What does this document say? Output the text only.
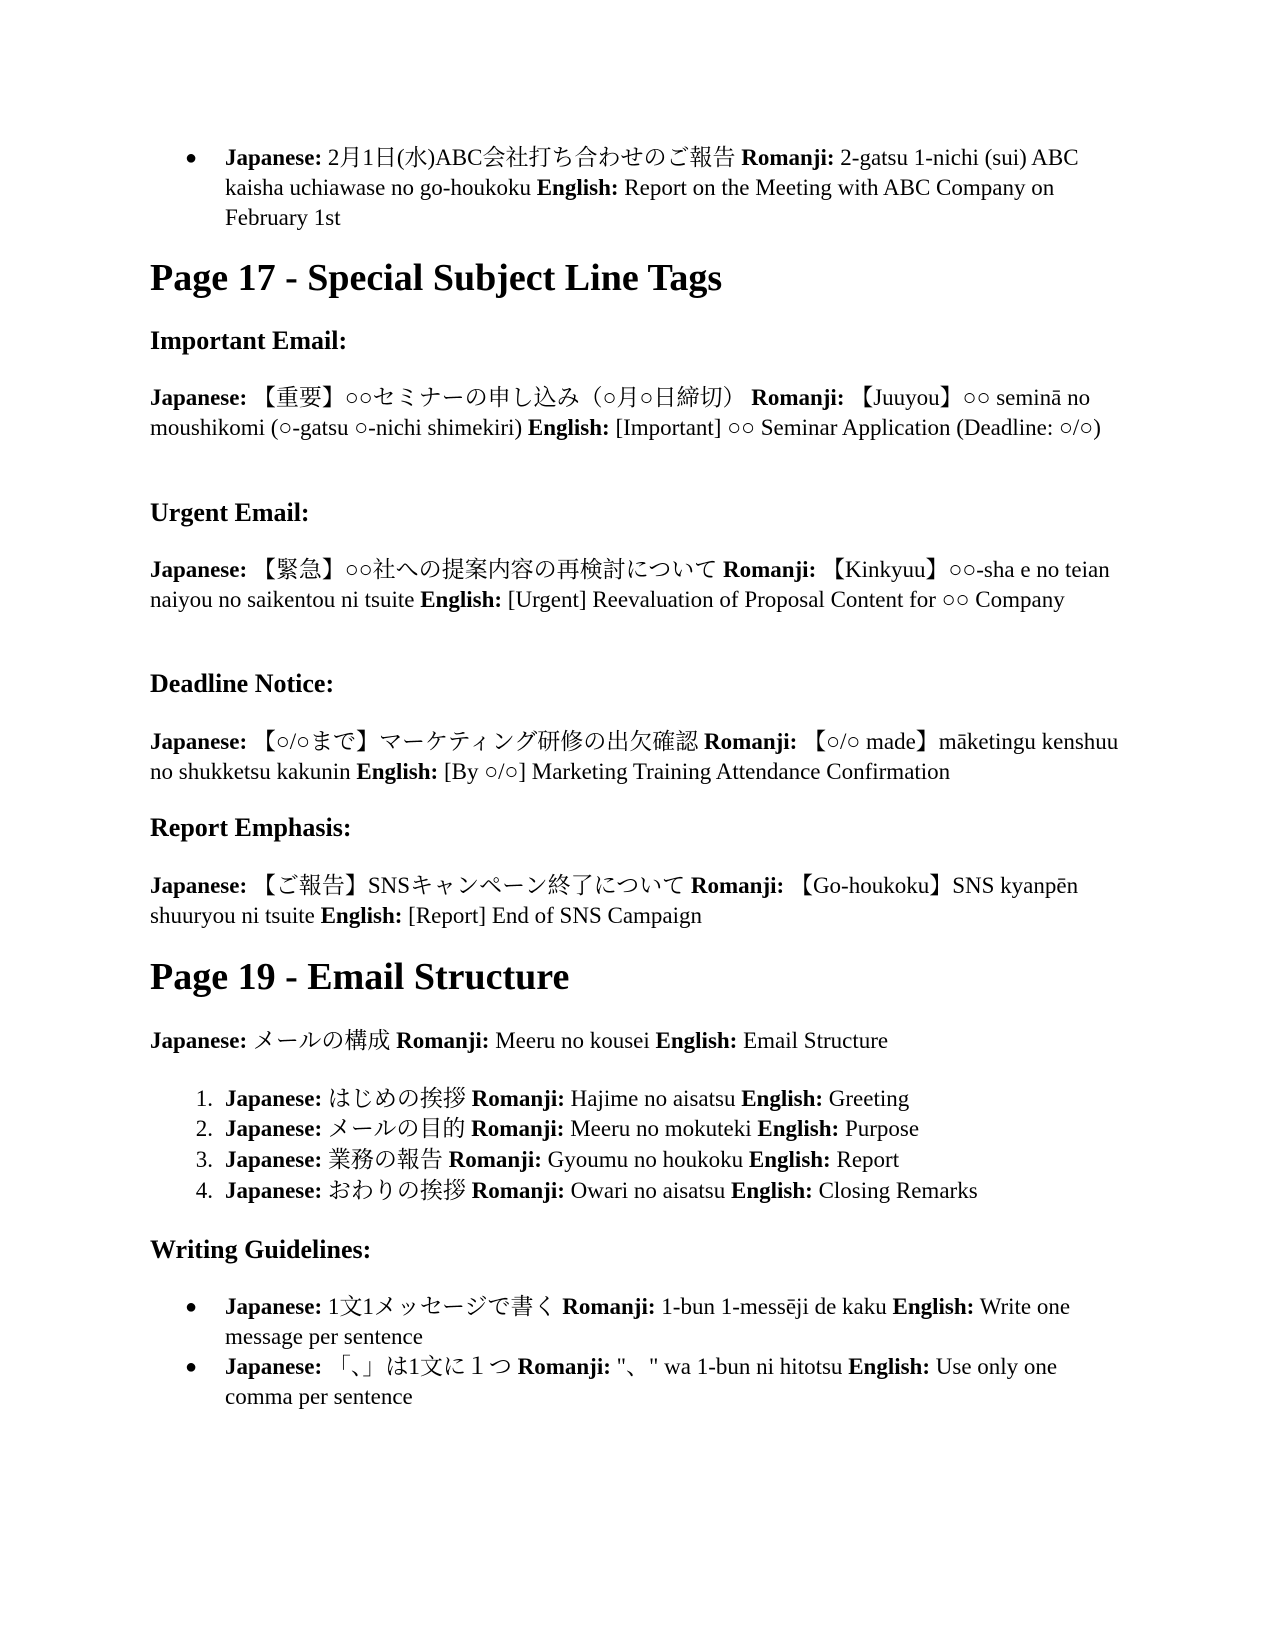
● Japanese: 2月1日(水)ABC会社打ち合わせのご報告 Romanji: 2-gatsu 1-nichi (sui) ABC kaisha uchiawase no go-houkoku English: Report on the Meeting with ABC Company on February 1st
Page 17 - Special Subject Line Tags
Important Email:

Japanese: 【重要】○○セミナーの申し込み（○月○日締切） Romanji: 【Juuyou】○○ seminā no moushikomi (○-gatsu ○-nichi shimekiri) English: [Important] ○○ Seminar Application (Deadline: ○/○)

Urgent Email:

Japanese: 【緊急】○○社への提案内容の再検討について Romanji: 【Kinkyuu】○○-sha e no teian naiyou no saikentou ni tsuite English: [Urgent] Reevaluation of Proposal Content for ○○ Company

Deadline Notice:

Japanese: 【○/○まで】マーケティング研修の出欠確認 Romanji: 【○/○ made】māketingu kenshuu no shukketsu kakunin English: [By ○/○] Marketing Training Attendance Confirmation

Report Emphasis:

Japanese: 【ご報告】SNSキャンペーン終了について Romanji: 【Go-houkoku】SNS kyanpēn shuuryou ni tsuite English: [Report] End of SNS Campaign

Page 19 - Email Structure

Japanese: メールの構成 Romanji: Meeru no kousei English: Email Structure

1. Japanese: はじめの挨拶 Romanji: Hajime no aisatsu English: Greeting
2. Japanese: メールの目的 Romanji: Meeru no mokuteki English: Purpose
3. Japanese: 業務の報告 Romanji: Gyoumu no houkoku English: Report
4. Japanese: おわりの挨拶 Romanji: Owari no aisatsu English: Closing Remarks
Writing Guidelines:
● Japanese: 1文1メッセージで書く Romanji: 1-bun 1-messēji de kaku English: Write one message per sentence
● Japanese: 「、」は1文に１つ Romanji: "、" wa 1-bun ni hitotsu English: Use only one comma per sentence
